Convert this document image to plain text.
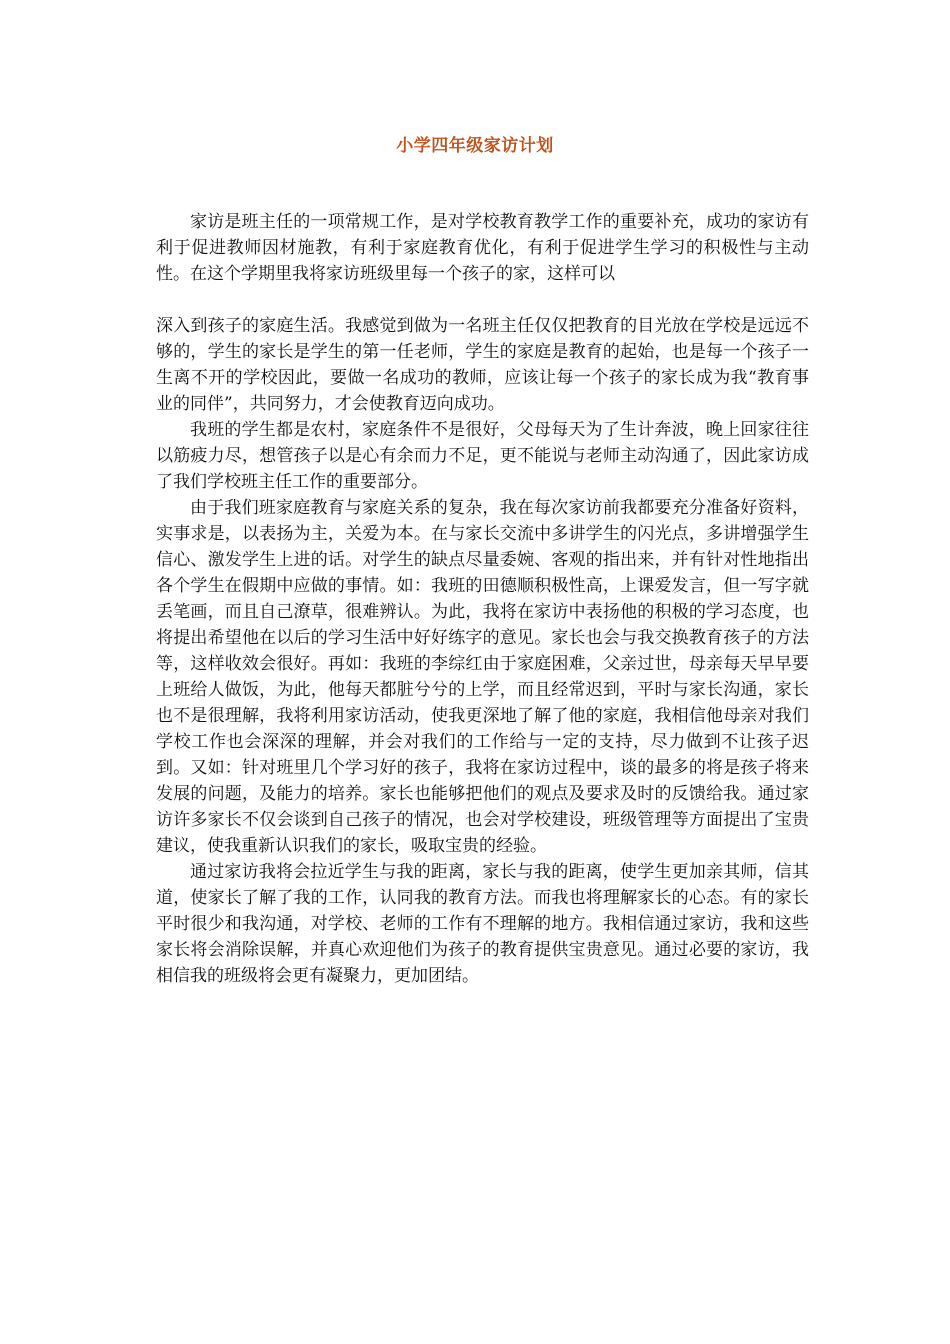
小学四年级家访计划

家访是班主任的一项常规工作，是对学校教育教学工作的重要补充，成功的家访有利于促进教师因材施教，有利于家庭教育优化，有利于促进学生学习的积极性与主动性。在这个学期里我将家访班级里每一个孩子的家，这样可以

深入到孩子的家庭生活。我感觉到做为一名班主任仅仅把教育的目光放在学校是远远不够的，学生的家长是学生的第一任老师，学生的家庭是教育的起始，也是每一个孩子一生离不开的学校因此，要做一名成功的教师，应该让每一个孩子的家长成为我“教育事业的同伴”，共同努力，才会使教育迈向成功。

我班的学生都是农村，家庭条件不是很好，父母每天为了生计奔波，晚上回家往往以筋疲力尽，想管孩子以是心有余而力不足，更不能说与老师主动沟通了，因此家访成了我们学校班主任工作的重要部分。

由于我们班家庭教育与家庭关系的复杂，我在每次家访前我都要充分准备好资料，实事求是，以表扬为主，关爱为本。在与家长交流中多讲学生的闪光点，多讲增强学生信心、激发学生上进的话。对学生的缺点尽量委婉、客观的指出来，并有针对性地指出各个学生在假期中应做的事情。如：我班的田德顺积极性高，上课爱发言，但一写字就丢笔画，而且自己潦草，很难辨认。为此，我将在家访中表扬他的积极的学习态度，也将提出希望他在以后的学习生活中好好练字的意见。家长也会与我交换教育孩子的方法等，这样收效会很好。再如：我班的李综红由于家庭困难，父亲过世，母亲每天早早要上班给人做饭，为此，他每天都脏兮兮的上学，而且经常迟到，平时与家长沟通，家长也不是很理解，我将利用家访活动，使我更深地了解了他的家庭，我相信他母亲对我们学校工作也会深深的理解，并会对我们的工作给与一定的支持，尽力做到不让孩子迟到。又如：针对班里几个学习好的孩子，我将在家访过程中，谈的最多的将是孩子将来发展的问题，及能力的培养。家长也能够把他们的观点及要求及时的反馈给我。通过家访许多家长不仅会谈到自己孩子的情况，也会对学校建设，班级管理等方面提出了宝贵建议，使我重新认识我们的家长，吸取宝贵的经验。

通过家访我将会拉近学生与我的距离，家长与我的距离，使学生更加亲其师，信其道，使家长了解了我的工作，认同我的教育方法。而我也将理解家长的心态。有的家长平时很少和我沟通，对学校、老师的工作有不理解的地方。我相信通过家访，我和这些家长将会消除误解，并真心欢迎他们为孩子的教育提供宝贵意见。通过必要的家访，我相信我的班级将会更有凝聚力，更加团结。
